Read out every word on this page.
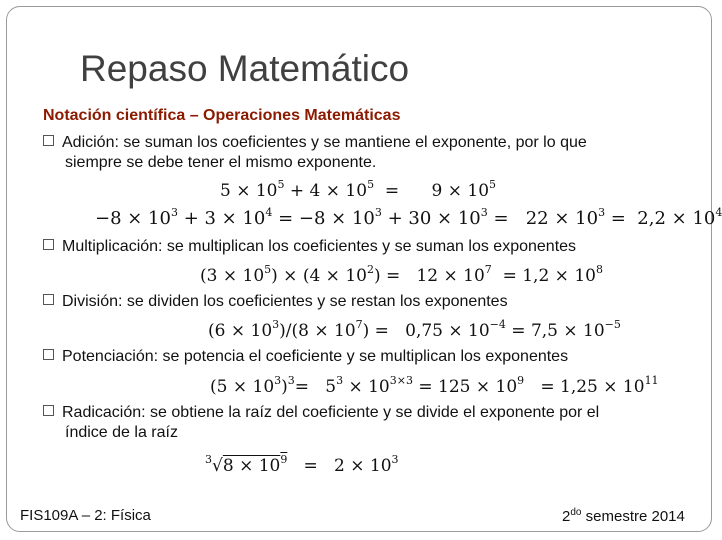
Repaso Matemático
Notación científica – Operaciones Matemáticas
Adición: se suman los coeficientes y se mantiene el exponente, por lo que
siempre se debe tener el mismo exponente.
$5 \times 10^5 + 4 \times 10^5$  =      $9 \times 10^5$
$-8 \times 10^3 + 3 \times 10^4 = -8 \times 10^3 + 30 \times 10^3 = 22 \times 10^3 = 2,2 \times 10^4$
Multiplicación: se multiplican los coeficientes y se suman los exponentes
$(3 \times 10^5) \times (4 \times 10^2) = 12 \times 10^7 = 1,2 \times 10^8$
División: se dividen los coeficientes y se restan los exponentes
$(6 \times 10^3)/(8 \times 10^7) = 0,75 \times 10^{-4} = 7,5 \times 10^{-5}$
Potenciación: se potencia el coeficiente y se multiplican los exponentes
$(5 \times 10^3)^3= 5^3 \times 10^{3\times 3} = 125 \times 10^9 = 1,25 \times 10^{11}$
Radicación: se obtiene la raíz del coeficiente y se divide el exponente por el
índice de la raíz
$^3√8 \times 10^9 = 2 \times 10^3$
FIS109A – 2: Física	$2^{do}$ semestre 2014
